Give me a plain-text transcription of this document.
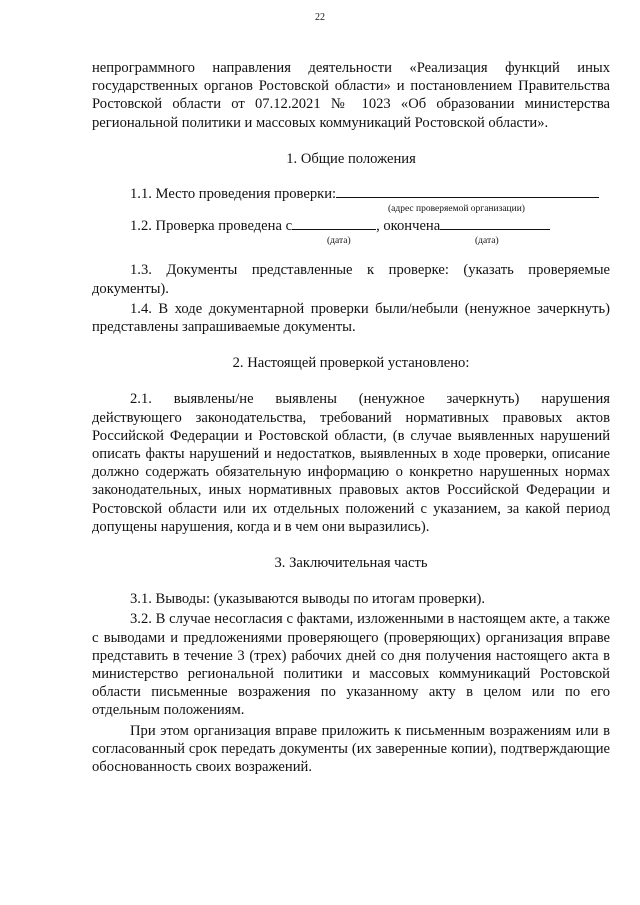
22

непрограммного направления деятельности «Реализация функций иных государственных органов Ростовской области» и постановлением Правительства Ростовской области от 07.12.2021 № 1023 «Об образовании министерства региональной политики и массовых коммуникаций Ростовской области».

1. Общие положения

1.1. Место проведения проверки:
(адрес проверяемой организации)
1.2. Проверка проведена с	, окончена
(дата)	(дата)

1.3. Документы представленные к проверке: (указать проверяемые документы).

1.4. В ходе документарной проверки были/небыли (ненужное зачеркнуть) представлены запрашиваемые документы.

2. Настоящей проверкой установлено:

2.1. выявлены/не выявлены (ненужное зачеркнуть) нарушения действующего законодательства, требований нормативных правовых актов Российской Федерации и Ростовской области, (в случае выявленных нарушений описать факты нарушений и недостатков, выявленных в ходе проверки, описание должно содержать обязательную информацию о конкретно нарушенных нормах законодательных, иных нормативных правовых актов Российской Федерации и Ростовской области или их отдельных положений с указанием, за какой период допущены нарушения, когда и в чем они выразились).

3. Заключительная часть

3.1. Выводы: (указываются выводы по итогам проверки).

3.2. В случае несогласия с фактами, изложенными в настоящем акте, а также с выводами и предложениями проверяющего (проверяющих) организация вправе представить в течение 3 (трех) рабочих дней со дня получения настоящего акта в министерство региональной политики и массовых коммуникаций Ростовской области письменные возражения по указанному акту в целом или по его отдельным положениям.

При этом организация вправе приложить к письменным возражениям или в согласованный срок передать документы (их заверенные копии), подтверждающие обоснованность своих возражений.
